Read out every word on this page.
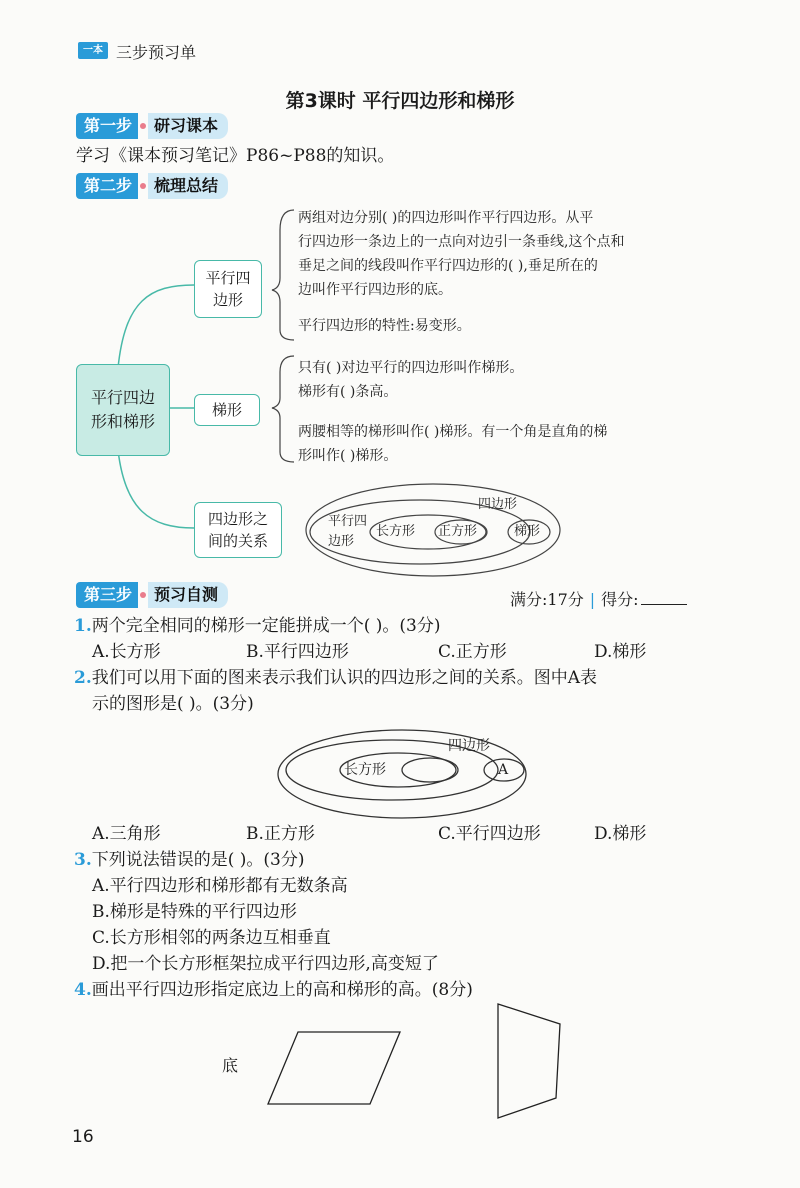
一本 三步预习单
第3课时 平行四边形和梯形
第一步	研习课本
学习《课本预习笔记》P86~P88的知识。
第二步	梳理总结
平行四边
形和梯形
平行四
边形
两组对边分别( )的四边形叫作平行四边形。从平
行四边形一条边上的一点向对边引一条垂线,这个点和
垂足之间的线段叫作平行四边形的( ),垂足所在的
边叫作平行四边形的底。
平行四边形的特性:易变形。
梯形
只有( )对边平行的四边形叫作梯形。
梯形有( )条高。
两腰相等的梯形叫作( )梯形。有一个角是直角的梯
形叫作( )梯形。
四边形之
间的关系
四边形
平行四
边形
长方形 正方形	梯形
第三步	预习自测	满分:17分 | 得分:
1.两个完全相同的梯形一定能拼成一个( )。(3分)
A.长方形	B.平行四边形	C.正方形	D.梯形
2.我们可以用下面的图来表示我们认识的四边形之间的关系。图中A表
示的图形是( )。(3分)
四边形
长方形	A
A.三角形	B.正方形	C.平行四边形	D.梯形
3.下列说法错误的是( )。(3分)
A.平行四边形和梯形都有无数条高
B.梯形是特殊的平行四边形
C.长方形相邻的两条边互相垂直
D.把一个长方形框架拉成平行四边形,高变短了
4.画出平行四边形指定底边上的高和梯形的高。(8分)
底
16
